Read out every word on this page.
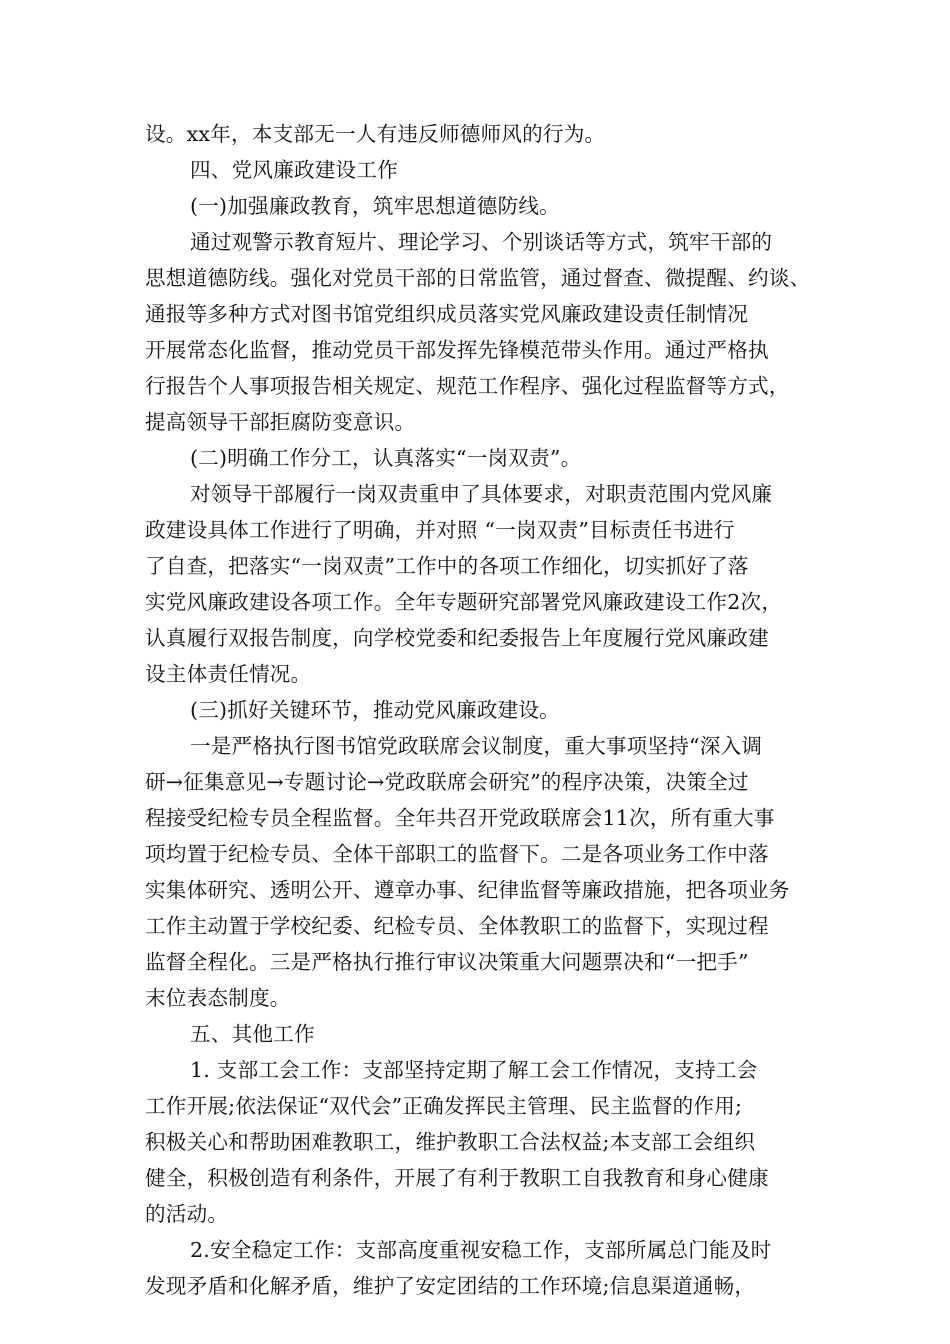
设。xx年，本支部无一人有违反师德师风的行为。
四、党风廉政建设工作
(一)加强廉政教育，筑牢思想道德防线。
通过观警示教育短片、理论学习、个别谈话等方式，筑牢干部的
思想道德防线。强化对党员干部的日常监管，通过督查、微提醒、约谈、
通报等多种方式对图书馆党组织成员落实党风廉政建设责任制情况
开展常态化监督，推动党员干部发挥先锋模范带头作用。通过严格执
行报告个人事项报告相关规定、规范工作程序、强化过程监督等方式，
提高领导干部拒腐防变意识。
(二)明确工作分工，认真落实“一岗双责”。
对领导干部履行一岗双责重申了具体要求，对职责范围内党风廉
政建设具体工作进行了明确，并对照 “一岗双责”目标责任书进行
了自查，把落实“一岗双责”工作中的各项工作细化，切实抓好了落
实党风廉政建设各项工作。全年专题研究部署党风廉政建设工作2次，
认真履行双报告制度，向学校党委和纪委报告上年度履行党风廉政建
设主体责任情况。
(三)抓好关键环节，推动党风廉政建设。
一是严格执行图书馆党政联席会议制度，重大事项坚持“深入调
研→征集意见→专题讨论→党政联席会研究”的程序决策，决策全过
程接受纪检专员全程监督。全年共召开党政联席会11次，所有重大事
项均置于纪检专员、全体干部职工的监督下。二是各项业务工作中落
实集体研究、透明公开、遵章办事、纪律监督等廉政措施，把各项业务
工作主动置于学校纪委、纪检专员、全体教职工的监督下，实现过程
监督全程化。三是严格执行推行审议决策重大问题票决和“一把手”
末位表态制度。
五、其他工作
1. 支部工会工作：支部坚持定期了解工会工作情况，支持工会
工作开展;依法保证“双代会”正确发挥民主管理、民主监督的作用;
积极关心和帮助困难教职工，维护教职工合法权益;本支部工会组织
健全，积极创造有利条件，开展了有利于教职工自我教育和身心健康
的活动。
2.安全稳定工作：支部高度重视安稳工作，支部所属总门能及时
发现矛盾和化解矛盾，维护了安定团结的工作环境;信息渠道通畅，
